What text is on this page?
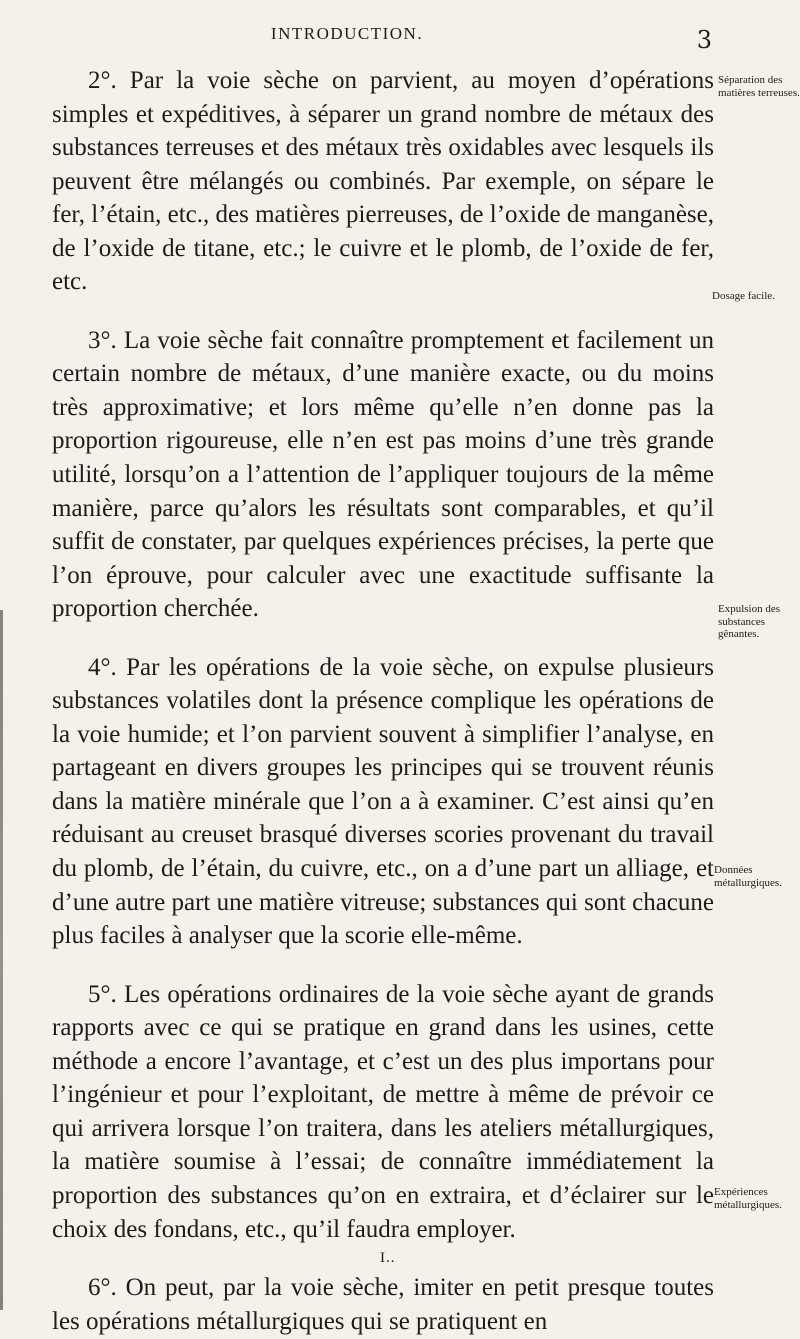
INTRODUCTION.	3

2°. Par la voie sèche on parvient, au moyen d’opérations simples et expéditives, à séparer un grand nombre de métaux des substances terreuses et des métaux très oxidables avec lesquels ils peuvent être mélangés ou combinés. Par exemple, on sépare le fer, l’étain, etc., des matières pierreuses, de l’oxide de manganèse, de l’oxide de titane, etc.; le cuivre et le plomb, de l’oxide de fer, etc.

3°. La voie sèche fait connaître promptement et facilement un certain nombre de métaux, d’une manière exacte, ou du moins très approximative; et lors même qu’elle n’en donne pas la proportion rigoureuse, elle n’en est pas moins d’une très grande utilité, lorsqu’on a l’attention de l’appliquer toujours de la même manière, parce qu’alors les résultats sont comparables, et qu’il suffit de constater, par quelques expériences précises, la perte que l’on éprouve, pour calculer avec une exactitude suffisante la proportion cherchée.

4°. Par les opérations de la voie sèche, on expulse plusieurs substances volatiles dont la présence complique les opérations de la voie humide; et l’on parvient souvent à simplifier l’analyse, en partageant en divers groupes les principes qui se trouvent réunis dans la matière minérale que l’on a à examiner. C’est ainsi qu’en réduisant au creuset brasqué diverses scories provenant du travail du plomb, de l’étain, du cuivre, etc., on a d’une part un alliage, et d’une autre part une matière vitreuse; substances qui sont chacune plus faciles à analyser que la scorie elle-même.

5°. Les opérations ordinaires de la voie sèche ayant de grands rapports avec ce qui se pratique en grand dans les usines, cette méthode a encore l’avantage, et c’est un des plus importans pour l’ingénieur et pour l’exploitant, de mettre à même de prévoir ce qui arrivera lorsque l’on traitera, dans les ateliers métallurgiques, la matière soumise à l’essai; de connaître immédiatement la proportion des substances qu’on en extraira, et d’éclairer sur le choix des fondans, etc., qu’il faudra employer.

6°. On peut, par la voie sèche, imiter en petit presque toutes les opérations métallurgiques qui se pratiquent en

Séparation des matières terreuses.
Dosage facile.
Expulsion des substances gênantes.
Données métallurgiques.
Expériences métallurgiques.
I..
